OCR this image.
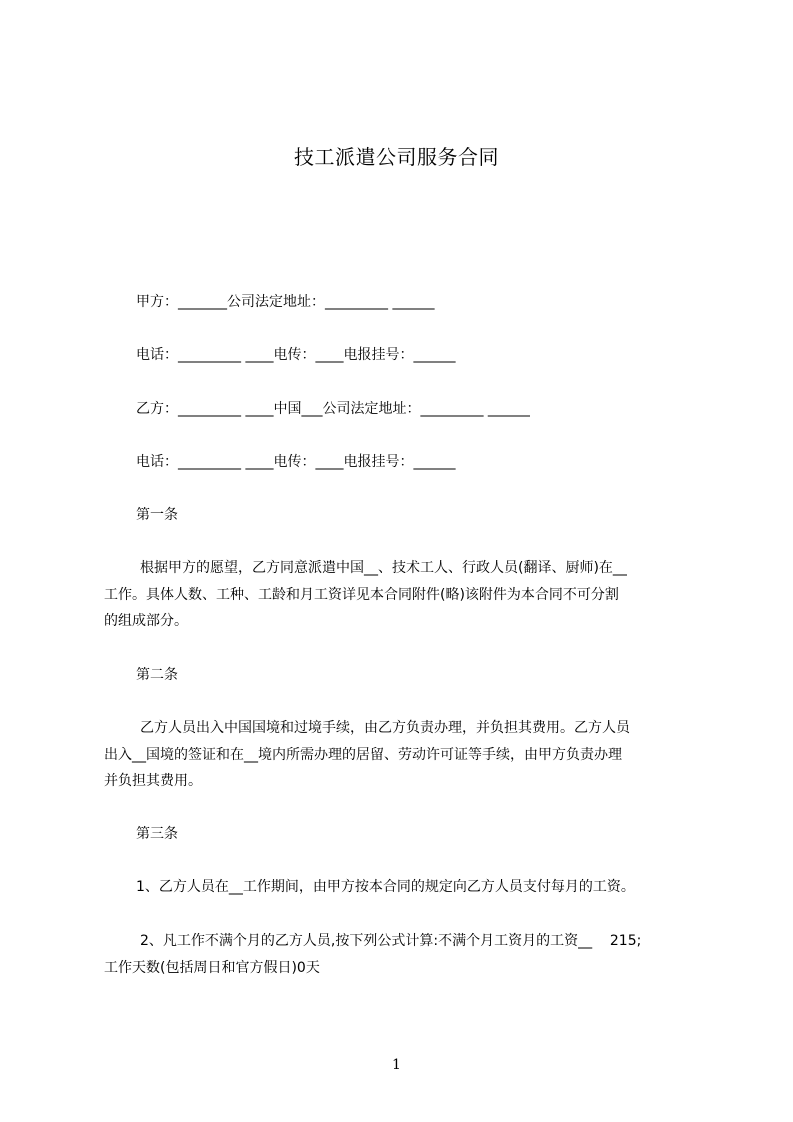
技工派遣公司服务合同
甲方：_______公司法定地址：_________ ______
电话：_________ ____电传：____电报挂号：______
乙方：_________ ____中国___公司法定地址：_________ ______
电话：_________ ____电传：____电报挂号：______
第一条
根据甲方的愿望，乙方同意派遣中国__、技术工人、行政人员(翻译、厨师)在__
工作。具体人数、工种、工龄和月工资详见本合同附件(略)该附件为本合同不可分割
的组成部分。
第二条
乙方人员出入中国国境和过境手续，由乙方负责办理，并负担其费用。乙方人员
出入__国境的签证和在__境内所需办理的居留、劳动许可证等手续，由甲方负责办理
并负担其费用。
第三条
1、乙方人员在__工作期间，由甲方按本合同的规定向乙方人员支付每月的工资。
2、凡工作不满个月的乙方人员,按下列公式计算:不满个月工资月的工资__    215;
工作天数(包括周日和官方假日)0天
1
